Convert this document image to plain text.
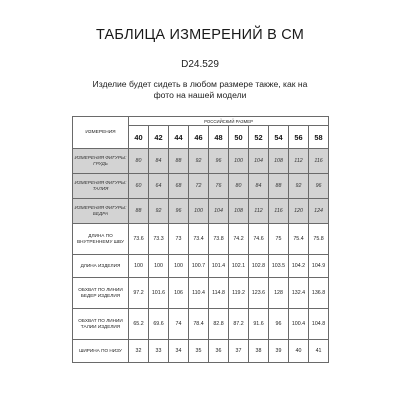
ТАБЛИЦА ИЗМЕРЕНИЙ В СМ
D24.529
Изделие будет сидеть в любом размере также, как на фото на нашей модели
ИЗМЕРЕНИЯ	РОССИЙСКИЙ РАЗМЕР									
	40	42	44	46	48	50	52	54	56	58
ИЗМЕРЕНИЯ ФИГУРЫ: ГРУДЬ	80	84	88	92	96	100	104	108	112	116
ИЗМЕРЕНИЯ ФИГУРЫ: ТАЛИЯ	60	64	68	72	76	80	84	88	92	96
ИЗМЕРЕНИЯ ФИГУРЫ: БЕДРА	88	92	96	100	104	108	112	116	120	124
ДЛИНА ПО ВНУТРЕННЕМУ ШВУ	73.6	73.3	73	73.4	73.8	74.2	74.6	75	75.4	75.8
ДЛИНА ИЗДЕЛИЯ	100	100	100	100.7	101.4	102.1	102.8	103.5	104.2	104.9
ОБХВАТ ПО ЛИНИИ БЕДЕР ИЗДЕЛИЯ	97.2	101.6	106	110.4	114.8	119.2	123.6	128	132.4	136.8
ОБХВАТ ПО ЛИНИИ ТАЛИИ ИЗДЕЛИЯ	65.2	69.6	74	78.4	82.8	87.2	91.6	96	100.4	104.8
ШИРИНА ПО НИЗУ	32	33	34	35	36	37	38	39	40	41
